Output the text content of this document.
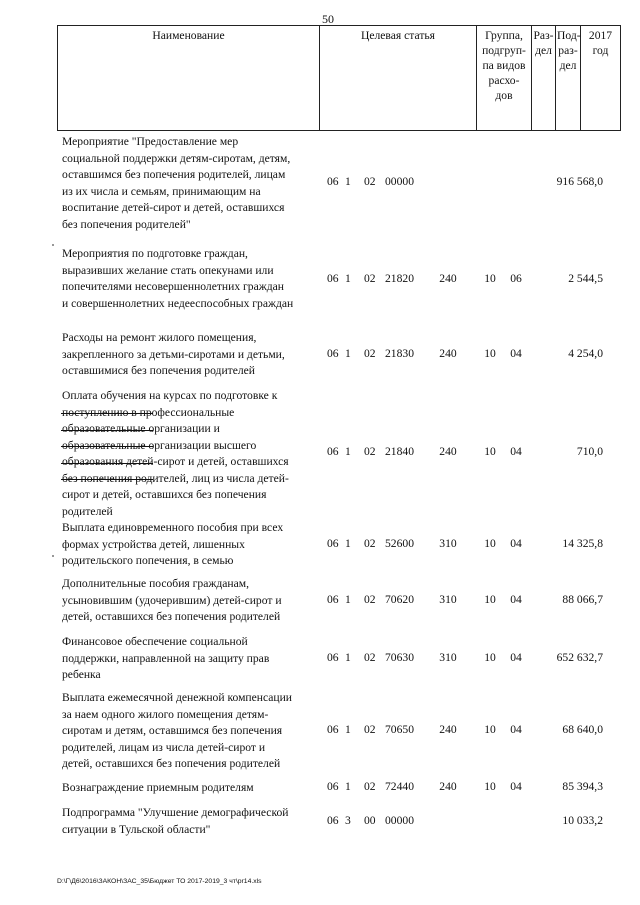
50
Наименование	Целевая статья	Группа,
подгруп-
па видов
расхо-
дов

Раз-
дел

Под-
раз-
дел
	2017 год
Мероприятие "Предоставление мер
социальной поддержки детям-сиротам, детям,
оставшимся без попечения родителей, лицам
из их числа и семьям, принимающим на
воспитание детей-сирот и детей, оставшихся
без попечения родителей"
06 1 02 00000	916 568,0
Мероприятия по подготовке граждан,
выразивших желание стать опекунами или
попечителями несовершеннолетних граждан
и совершеннолетних недееспособных граждан
06 1 02 21820	240	10	06	2 544,5
Расходы на ремонт жилого помещения,
закрепленного за детьми-сиротами и детьми,
оставшимися без попечения родителей
06 1 02 21830	240	10	04	4 254,0
Оплата обучения на курсах по подготовке к
поступлению в профессиональные
образовательные организации и
образовательные организации высшего
образования детей-сирот и детей, оставшихся
без попечения родителей, лиц из числа детей-
сирот и детей, оставшихся без попечения
родителей
06 1 02 21840	240	10	04	710,0
Выплата единовременного пособия при всех
формах устройства детей, лишенных
родительского попечения, в семью
06 1 02 52600	310	10	04	14 325,8
Дополнительные пособия гражданам,
усыновившим (удочерившим) детей-сирот и
детей, оставшихся без попечения родителей
06 1 02 70620	310	10	04	88 066,7
Финансовое обеспечение социальной
поддержки, направленной на защиту прав
ребенка
06 1 02 70630	310	10	04	652 632,7
Выплата ежемесячной денежной компенсации
за наем одного жилого помещения детям-
сиротам и детям, оставшимся без попечения
родителей, лицам из числа детей-сирот и
детей, оставшихся без попечения родителей
06 1 02 70650	240	10	04	68 640,0
Вознаграждение приемным родителям	06 1 02 72440	240	10	04	85 394,3
Подпрограмма "Улучшение демографической
ситуации в Тульской области"
06 3 00 00000	10 033,2
D:\Г\Д6\2016\ЗАКОН\ЗАС_35\Бюджет ТО 2017-2019_3 чт\pr14.xls
